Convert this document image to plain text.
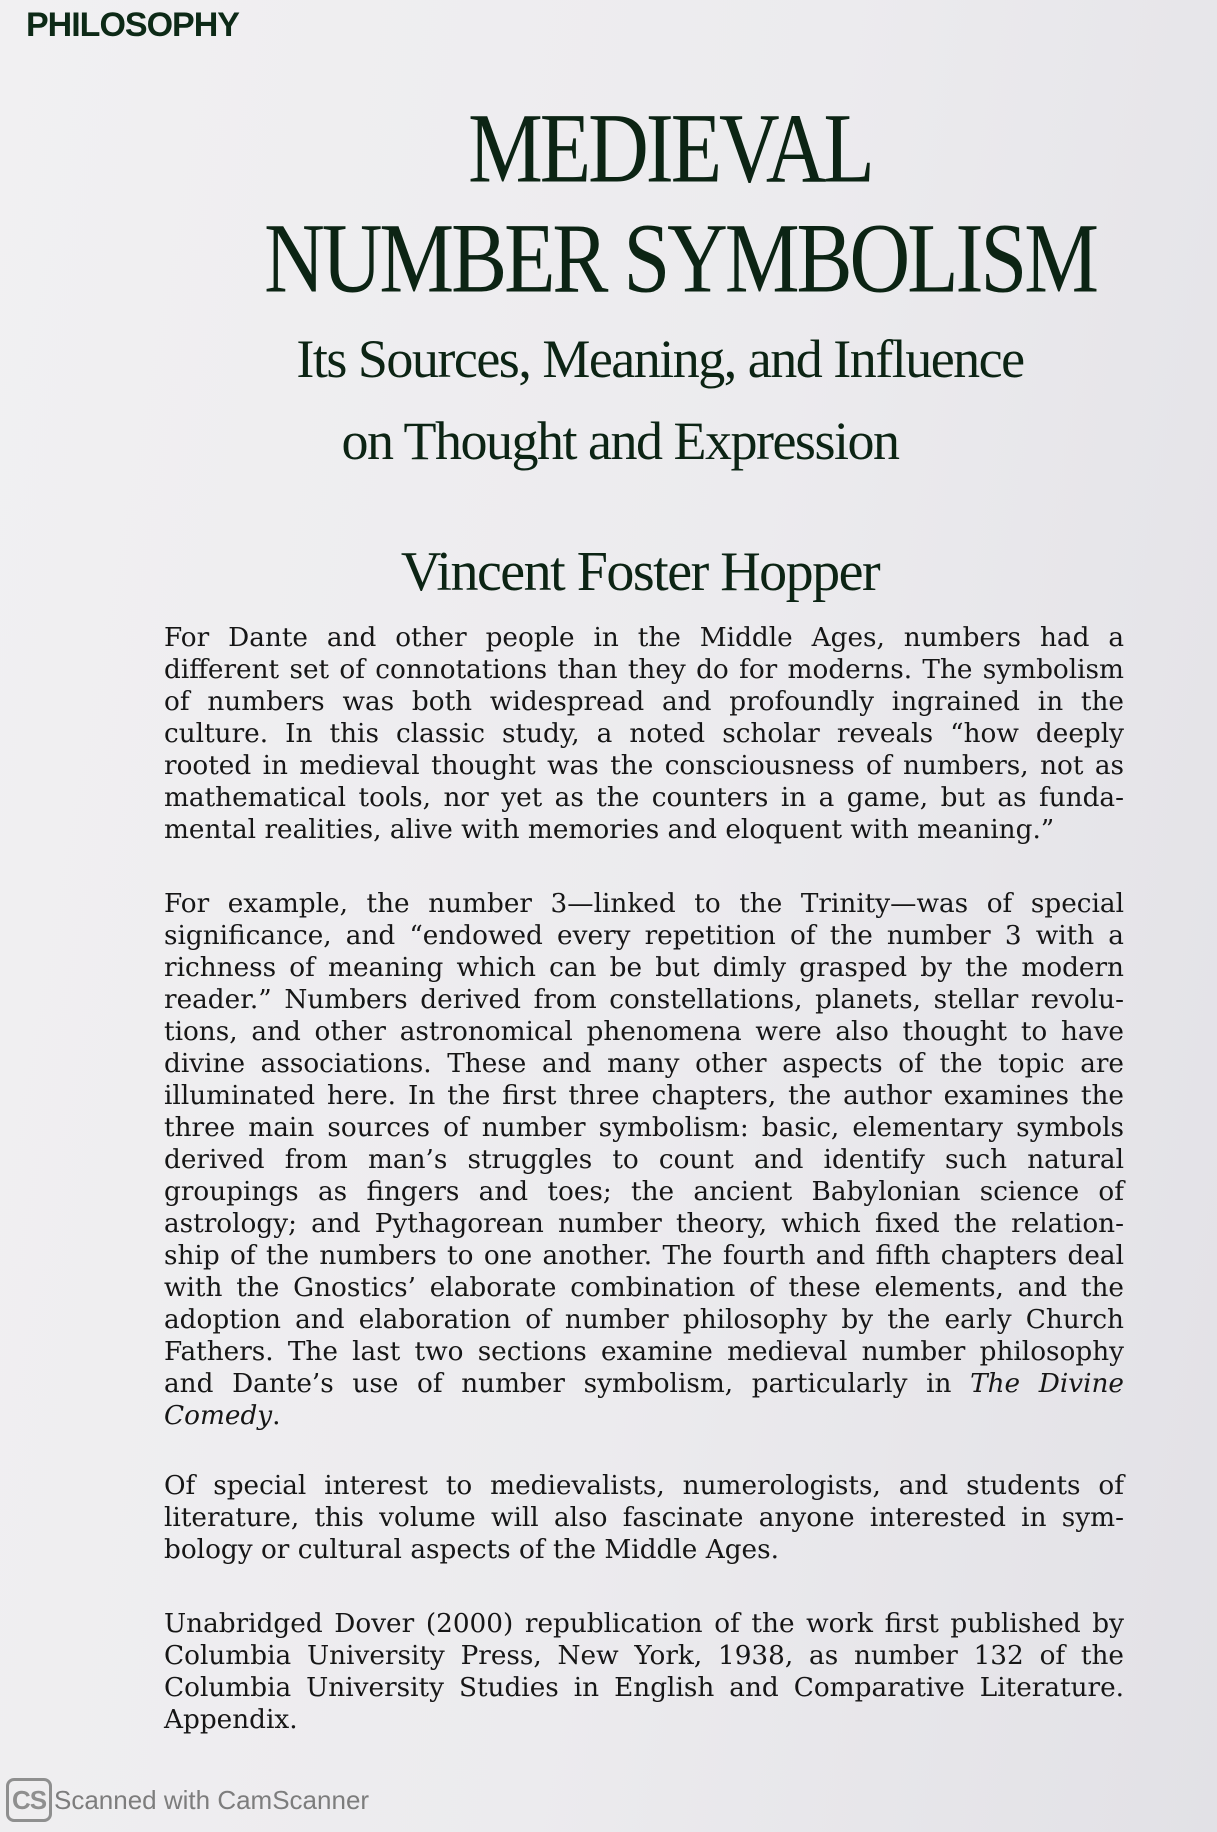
PHILOSOPHY
MEDIEVAL
NUMBER SYMBOLISM
Its Sources, Meaning, and Influence
on Thought and Expression
Vincent Foster Hopper

For Dante and other people in the Middle Ages, numbers had a different set of connotations than they do for moderns. The symbolism of numbers was both widespread and profoundly ingrained in the culture. In this classic study, a noted scholar reveals “how deeply rooted in medieval thought was the consciousness of numbers, not as mathematical tools, nor yet as the counters in a game, but as fundamental realities, alive with memories and eloquent with meaning.”

For example, the number 3—linked to the Trinity—was of special significance, and “endowed every repetition of the number 3 with a richness of meaning which can be but dimly grasped by the modern reader.” Numbers derived from constellations, planets, stellar revolutions, and other astronomical phenomena were also thought to have divine associations. These and many other aspects of the topic are illuminated here. In the first three chapters, the author examines the three main sources of number symbolism: basic, elementary symbols derived from man’s struggles to count and identify such natural groupings as fingers and toes; the ancient Babylonian science of astrology; and Pythagorean number theory, which fixed the relationship of the numbers to one another. The fourth and fifth chapters deal with the Gnostics’ elaborate combination of these elements, and the adoption and elaboration of number philosophy by the early Church Fathers. The last two sections examine medieval number philosophy and Dante’s use of number symbolism, particularly in The Divine Comedy.

Of special interest to medievalists, numerologists, and students of literature, this volume will also fascinate anyone interested in symbology or cultural aspects of the Middle Ages.

Unabridged Dover (2000) republication of the work first published by Columbia University Press, New York, 1938, as number 132 of the Columbia University Studies in English and Comparative Literature. Appendix.

CS Scanned with CamScanner
